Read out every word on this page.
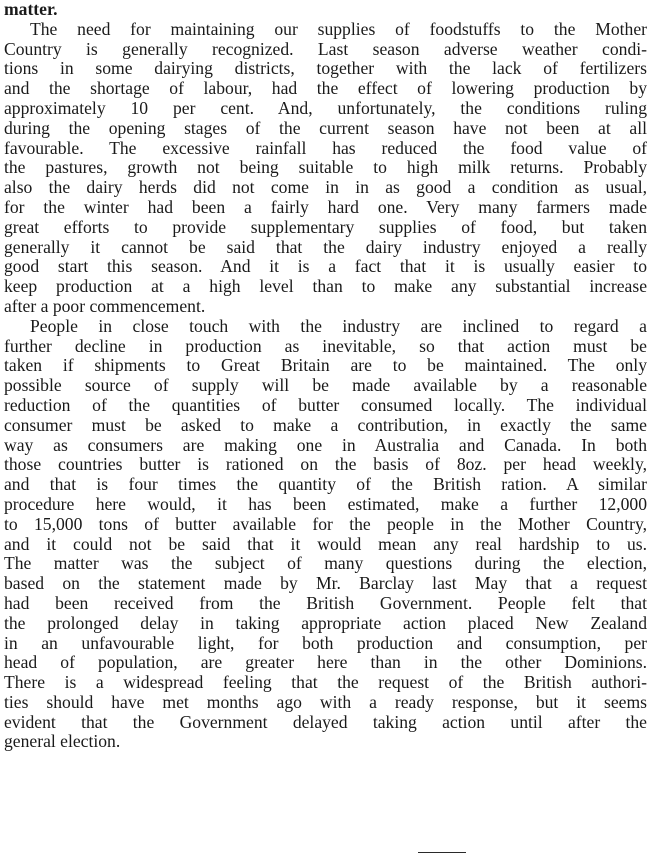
matter.
The need for maintaining our supplies of foodstuffs to the Mother
Country is generally recognized. Last season adverse weather condi-
tions in some dairying districts, together with the lack of fertilizers
and the shortage of labour, had the effect of lowering production by
approximately 10 per cent. And, unfortunately, the conditions ruling
during the opening stages of the current season have not been at all
favourable. The excessive rainfall has reduced the food value of
the pastures, growth not being suitable to high milk returns. Probably
also the dairy herds did not come in in as good a condition as usual,
for the winter had been a fairly hard one. Very many farmers made
great efforts to provide supplementary supplies of food, but taken
generally it cannot be said that the dairy industry enjoyed a really
good start this season. And it is a fact that it is usually easier to
keep production at a high level than to make any substantial increase
after a poor commencement.
People in close touch with the industry are inclined to regard a
further decline in production as inevitable, so that action must be
taken if shipments to Great Britain are to be maintained. The only
possible source of supply will be made available by a reasonable
reduction of the quantities of butter consumed locally. The individual
consumer must be asked to make a contribution, in exactly the same
way as consumers are making one in Australia and Canada. In both
those countries butter is rationed on the basis of 8oz. per head weekly,
and that is four times the quantity of the British ration. A similar
procedure here would, it has been estimated, make a further 12,000
to 15,000 tons of butter available for the people in the Mother Country,
and it could not be said that it would mean any real hardship to us.
The matter was the subject of many questions during the election,
based on the statement made by Mr. Barclay last May that a request
had been received from the British Government. People felt that
the prolonged delay in taking appropriate action placed New Zealand
in an unfavourable light, for both production and consumption, per
head of population, are greater here than in the other Dominions.
There is a widespread feeling that the request of the British authori-
ties should have met months ago with a ready response, but it seems
evident that the Government delayed taking action until after the
general election.
